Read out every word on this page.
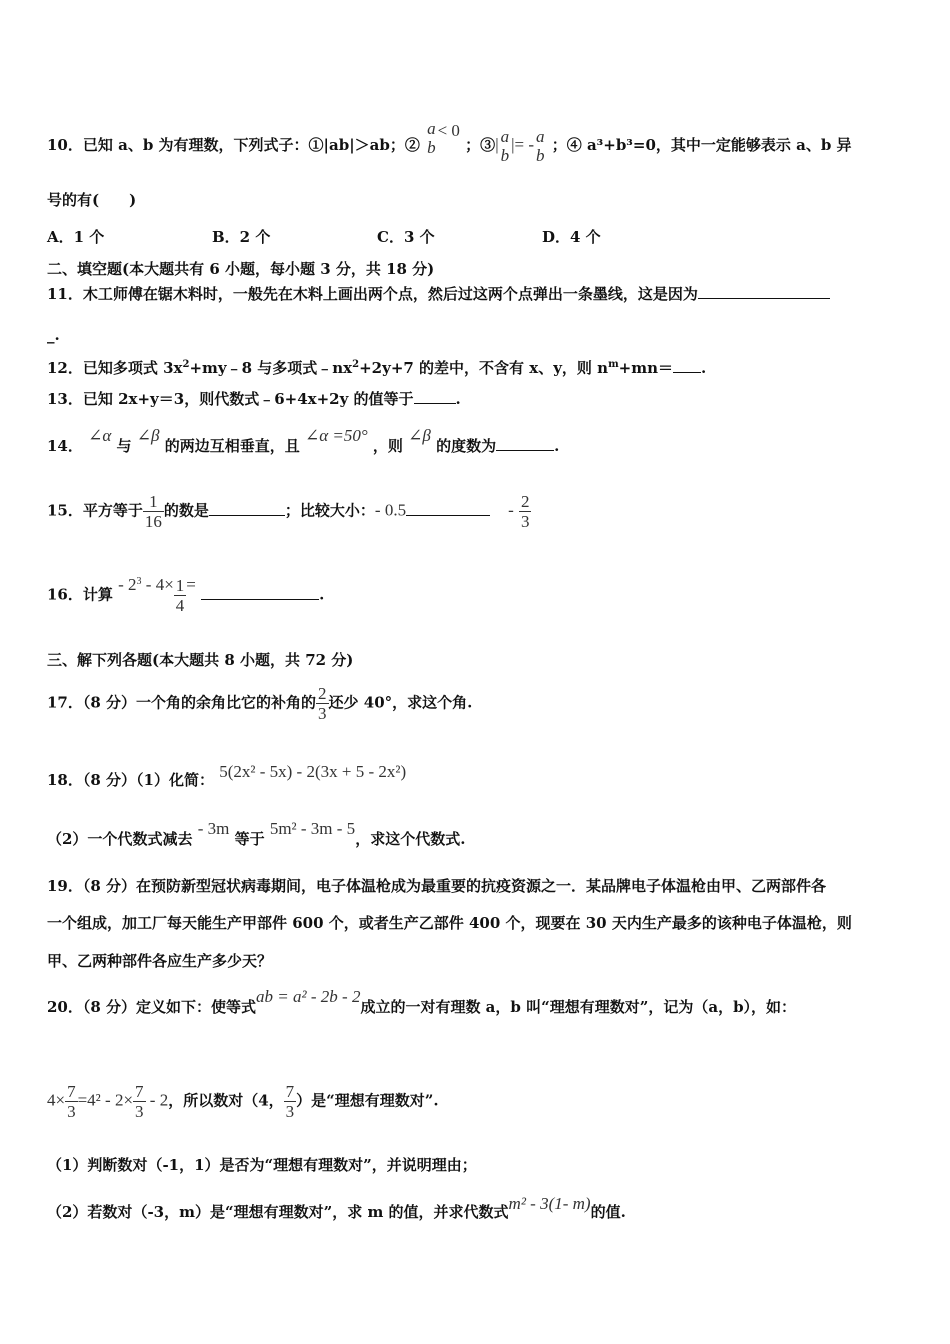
10．已知 a、b 为有理数，下列式子：①|ab|＞ab；②
a
b
< 0 ；③| a
b
|= - a
b
；④ a³+b³=0，其中一定能够表示 a、b 异
号的有(　　)
A．1 个	B．2 个	C．3 个	D．4 个
二、填空题(本大题共有 6 小题，每小题 3 分，共 18 分)
11．木工师傅在锯木料时，一般先在木料上画出两个点，然后过这两个点弹出一条墨线，这是因为
_.
12．已知多项式 $3x^2+my﹣8$ 与多项式$﹣nx^2+2y+7$ 的差中，不含有 x、y，则 $n^m+mn=$ .
13．已知 2x+y＝3，则代数式﹣6+4x+2y 的值等于	.
14． ∠α 与 ∠β 的两边互相垂直，且 ∠α =50° ，则 ∠β 的度数为	.
15．平方等于 $\frac{1}{16}$ 的数是	；比较大小：- 0.5	- $\frac{2}{3}$
16．计算 - $2^3 - 4\times \frac{1}{4}$ = .
三、解下列各题(本大题共 8 小题，共 72 分)
17．（8 分）一个角的余角比它的补角的 $\frac{2}{3}$ 还少 40°，求这个角.
18．（8 分）（1）化简： 5(2x² - 5x) - 2(3x + 5 - 2x²)
（2）一个代数式减去 - 3m 等于 5m² - 3m - 5，求这个代数式.
19．（8 分）在预防新型冠状病毒期间，电子体温枪成为最重要的抗疫资源之一．某品牌电子体温枪由甲、乙两部件各
一个组成，加工厂每天能生产甲部件 600 个，或者生产乙部件 400 个，现要在 30 天内生产最多的该种电子体温枪，则
甲、乙两种部件各应生产多少天？
20．（8 分）定义如下：使等式ab = a² - 2b - 2成立的一对有理数 a，b 叫“理想有理数对”，记为（a，b），如：
$4\times \frac{7}{3} =4^2 - 2\times \frac{7}{3} - 2$，所以数对（4， $\frac{7}{3}$ ）是“理想有理数对”.
（1）判断数对（-1，1）是否为“理想有理数对”，并说明理由；
（2）若数对（-3，m）是“理想有理数对”，求 m 的值，并求代数式m² - 3(1- m)的值.
